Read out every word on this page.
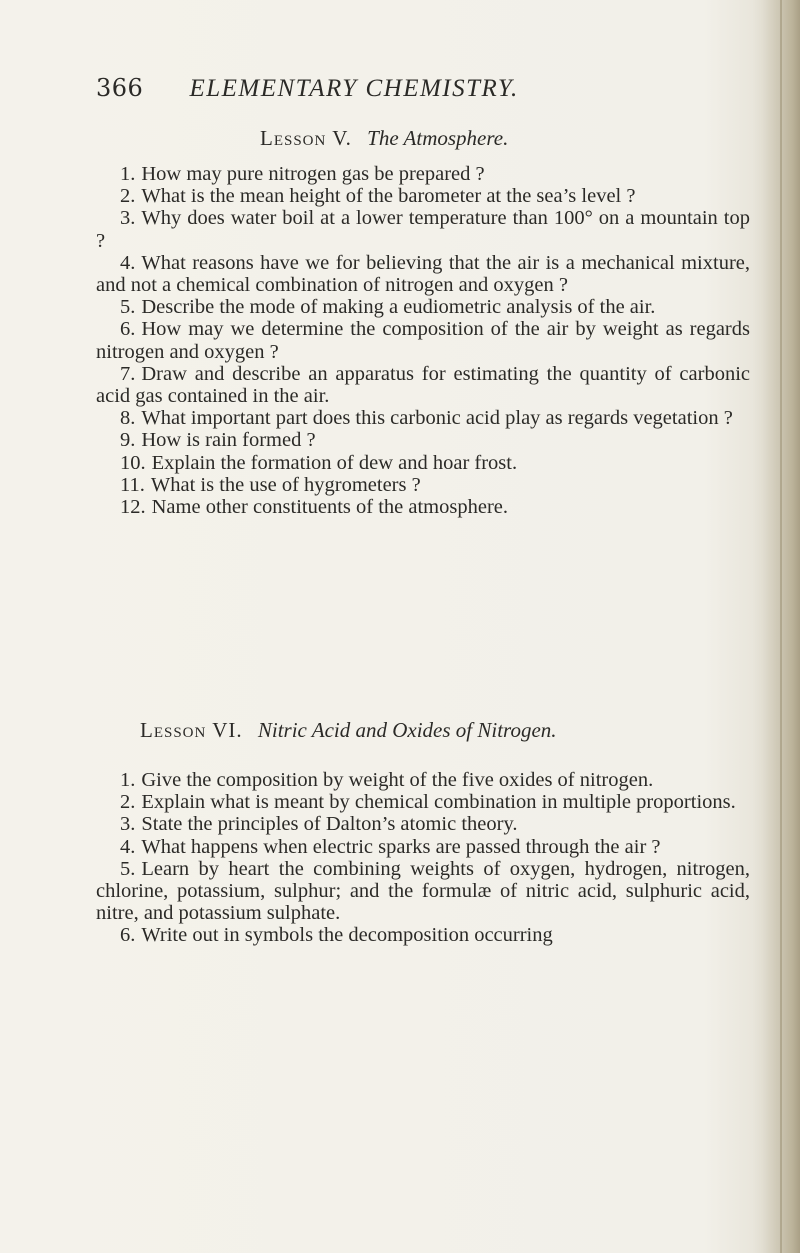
366 ELEMENTARY CHEMISTRY.
Lesson V. The Atmosphere.

1. How may pure nitrogen gas be prepared ?

2. What is the mean height of the barometer at the sea’s level ?

3. Why does water boil at a lower temperature than 100° on a mountain top ?

4. What reasons have we for believing that the air is a mechanical mixture, and not a chemical combination of nitrogen and oxygen ?

5. Describe the mode of making a eudiometric analysis of the air.

6. How may we determine the composition of the air by weight as regards nitrogen and oxygen ?

7. Draw and describe an apparatus for estimating the quantity of carbonic acid gas contained in the air.

8. What important part does this carbonic acid play as regards vegetation ?

9. How is rain formed ?

10. Explain the formation of dew and hoar frost.

11. What is the use of hygrometers ?

12. Name other constituents of the atmosphere.

Lesson VI. Nitric Acid and Oxides of Nitrogen.

1. Give the composition by weight of the five oxides of nitrogen.

2. Explain what is meant by chemical combination in multiple proportions.

3. State the principles of Dalton’s atomic theory.

4. What happens when electric sparks are passed through the air ?

5. Learn by heart the combining weights of oxygen, hydrogen, nitrogen, chlorine, potassium, sulphur; and the formulæ of nitric acid, sulphuric acid, nitre, and potassium sulphate.

6. Write out in symbols the decomposition occurring
